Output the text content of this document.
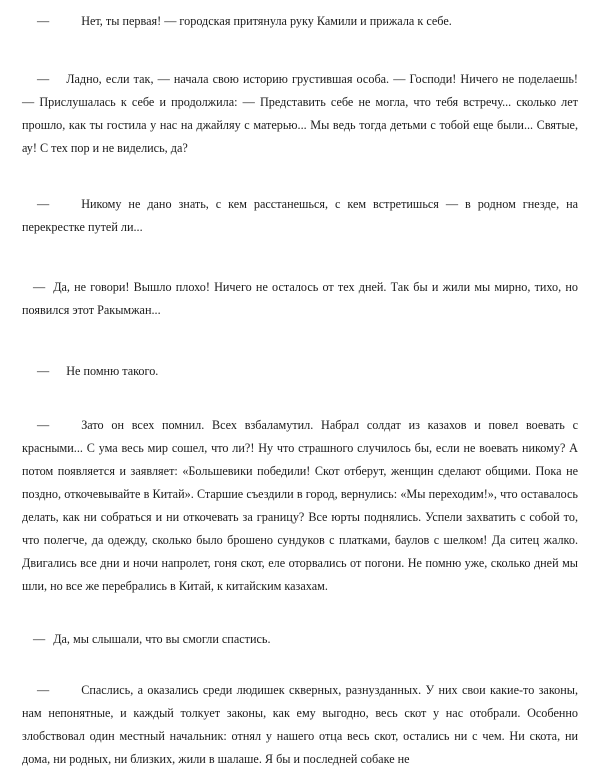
—	Нет, ты первая! — городская притянула руку Камили и прижала к себе.

— Ладно, если так, — начала свою историю грустившая особа. — Господи! Ничего не поделаешь! — Прислушалась к себе и продолжила: — Представить себе не могла, что тебя встречу... сколько лет прошло, как ты гостила у нас на джайляу с матерью... Мы ведь тогда детьми с тобой еще были... Святые, ау! С тех пор и не виделись, да?

—	Никому не дано знать, с кем расстанешься, с кем встретишься — в родном гнезде, на перекрестке путей ли...

— Да, не говори! Вышло плохо! Ничего не осталось от тех дней. Так бы и жили мы мирно, тихо, но появился этот Ракымжан...

— Не помню такого.

—	Зато он всех помнил. Всех взбаламутил. Набрал солдат из казахов и повел воевать с красными... С ума весь мир сошел, что ли?! Ну что страшного случилось бы, если не воевать никому? А потом появляется и заявляет: «Большевики победили! Скот отберут, женщин сделают общими. Пока не поздно, откочевывайте в Китай». Старшие съездили в город, вернулись: «Мы переходим!», что оставалось делать, как ни собраться и ни откочевать за границу? Все юрты поднялись. Успели захватить с собой то, что полегче, да одежду, сколько было брошено сундуков с платками, баулов с шелком! Да ситец жалко. Двигались все дни и ночи напролет, гоня скот, еле оторвались от погони. Не помню уже, сколько дней мы шли, но все же перебрались в Китай, к китайским казахам.

— Да, мы слышали, что вы смогли спастись.

—	Спаслись, а оказались среди людишек скверных, разнузданных. У них свои какие-то законы, нам непонятные, и каждый толкует законы, как ему выгодно, весь скот у нас отобрали. Особенно злобствовал один местный начальник: отнял у нашего отца весь скот, остались ни с чем. Ни скота, ни дома, ни родных, ни близких, жили в шалаше. Я бы и последней собаке не
